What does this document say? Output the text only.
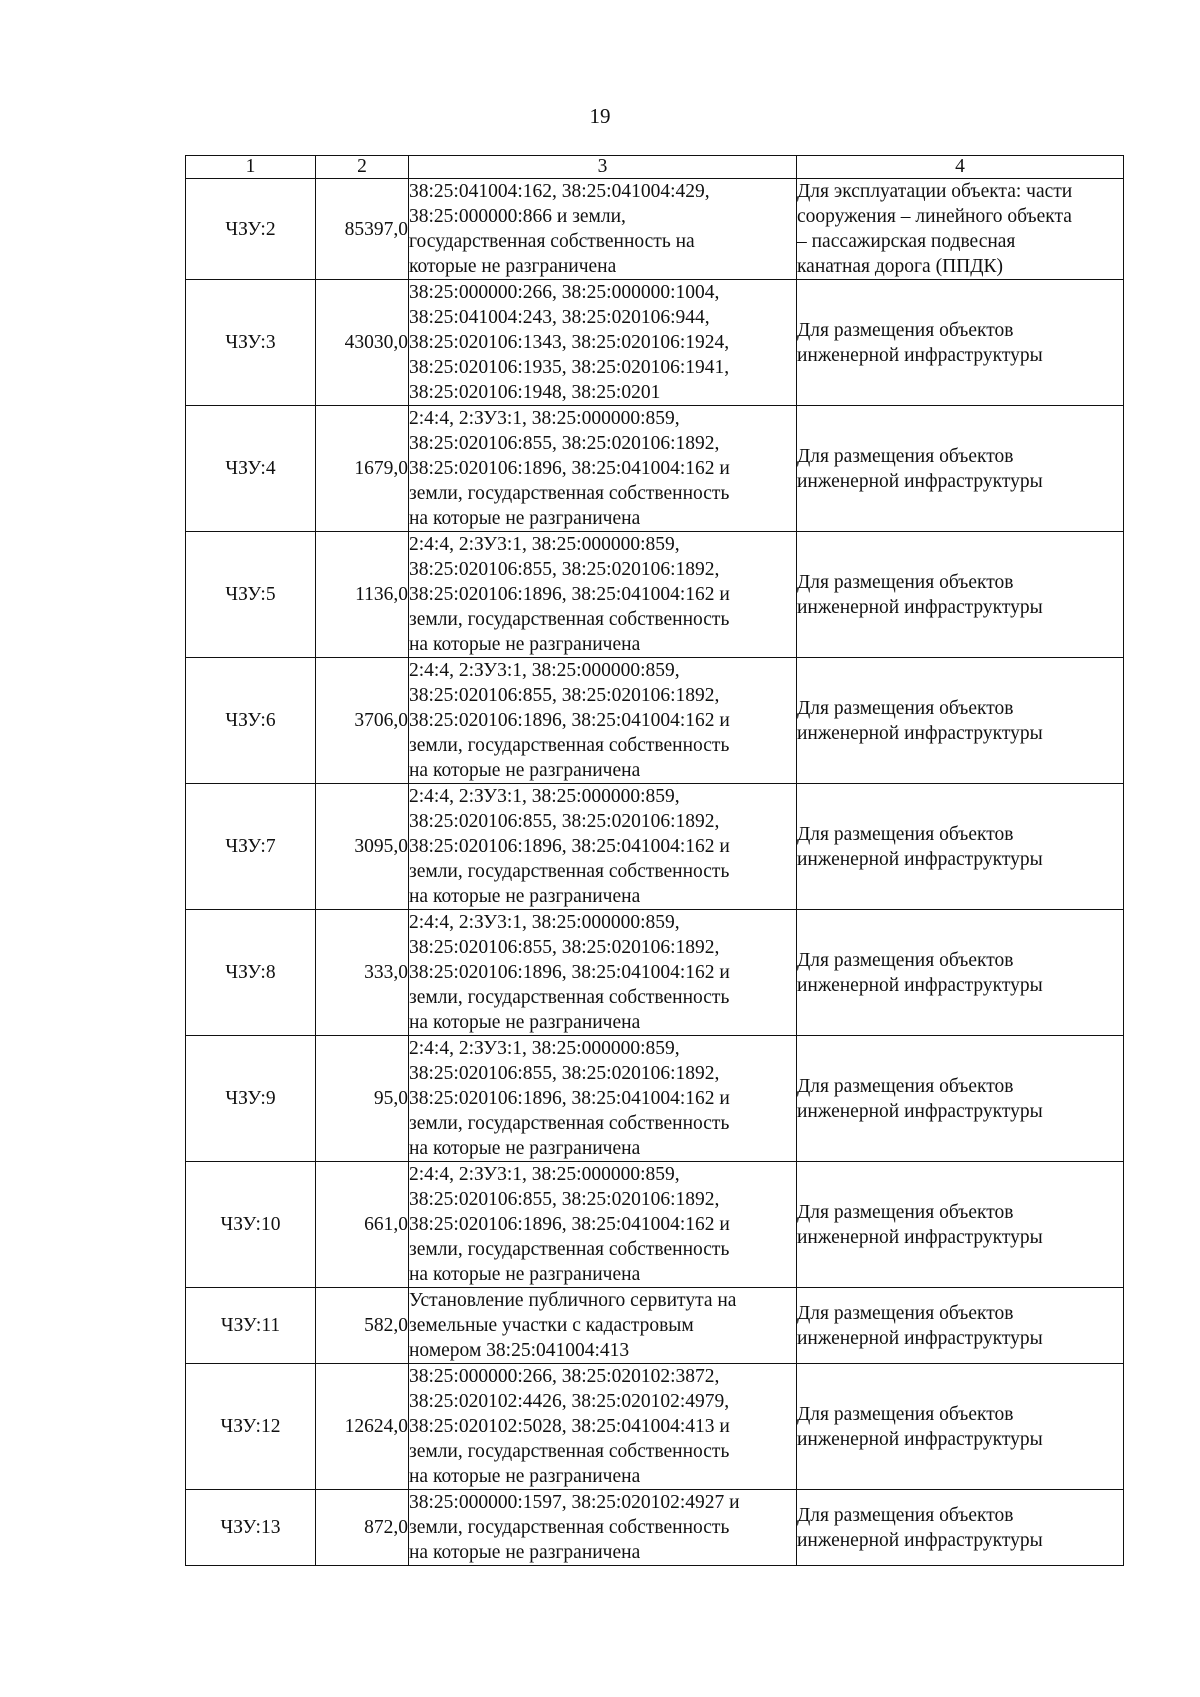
19
1	2	3	4
ЧЗУ:2	85397,0	38:25:041004:162, 38:25:041004:429,
38:25:000000:866 и земли,
государственная собственность на
которые не разграничена	Для эксплуатации объекта: части
сооружения – линейного объекта
– пассажирская подвесная
канатная дорога (ППДК)

ЧЗУ:3	43030,0	38:25:000000:266, 38:25:000000:1004,
38:25:041004:243, 38:25:020106:944,
38:25:020106:1343, 38:25:020106:1924,
38:25:020106:1935, 38:25:020106:1941,
38:25:020106:1948, 38:25:0201	Для размещения объектов
инженерной инфраструктуры

ЧЗУ:4	1679,0	2:4:4, 2:ЗУ3:1, 38:25:000000:859,
38:25:020106:855, 38:25:020106:1892,
38:25:020106:1896, 38:25:041004:162 и
земли, государственная собственность
на которые не разграничена	Для размещения объектов
инженерной инфраструктуры

ЧЗУ:5	1136,0	2:4:4, 2:ЗУ3:1, 38:25:000000:859,
38:25:020106:855, 38:25:020106:1892,
38:25:020106:1896, 38:25:041004:162 и
земли, государственная собственность
на которые не разграничена	Для размещения объектов
инженерной инфраструктуры

ЧЗУ:6	3706,0	2:4:4, 2:ЗУ3:1, 38:25:000000:859,
38:25:020106:855, 38:25:020106:1892,
38:25:020106:1896, 38:25:041004:162 и
земли, государственная собственность
на которые не разграничена	Для размещения объектов
инженерной инфраструктуры

ЧЗУ:7	3095,0	2:4:4, 2:ЗУ3:1, 38:25:000000:859,
38:25:020106:855, 38:25:020106:1892,
38:25:020106:1896, 38:25:041004:162 и
земли, государственная собственность
на которые не разграничена	Для размещения объектов
инженерной инфраструктуры

ЧЗУ:8	333,0	2:4:4, 2:ЗУ3:1, 38:25:000000:859,
38:25:020106:855, 38:25:020106:1892,
38:25:020106:1896, 38:25:041004:162 и
земли, государственная собственность
на которые не разграничена	Для размещения объектов
инженерной инфраструктуры

ЧЗУ:9	95,0	2:4:4, 2:ЗУ3:1, 38:25:000000:859,
38:25:020106:855, 38:25:020106:1892,
38:25:020106:1896, 38:25:041004:162 и
земли, государственная собственность
на которые не разграничена	Для размещения объектов
инженерной инфраструктуры

ЧЗУ:10	661,0	2:4:4, 2:ЗУ3:1, 38:25:000000:859,
38:25:020106:855, 38:25:020106:1892,
38:25:020106:1896, 38:25:041004:162 и
земли, государственная собственность
на которые не разграничена	Для размещения объектов
инженерной инфраструктуры

ЧЗУ:11	582,0	Установление публичного сервитута на
земельные участки с кадастровым
номером 38:25:041004:413	Для размещения объектов
инженерной инфраструктуры

ЧЗУ:12	12624,0	38:25:000000:266, 38:25:020102:3872,
38:25:020102:4426, 38:25:020102:4979,
38:25:020102:5028, 38:25:041004:413 и
земли, государственная собственность
на которые не разграничена	Для размещения объектов
инженерной инфраструктуры

ЧЗУ:13	872,0	38:25:000000:1597, 38:25:020102:4927 и
земли, государственная собственность
на которые не разграничена	Для размещения объектов
инженерной инфраструктуры
